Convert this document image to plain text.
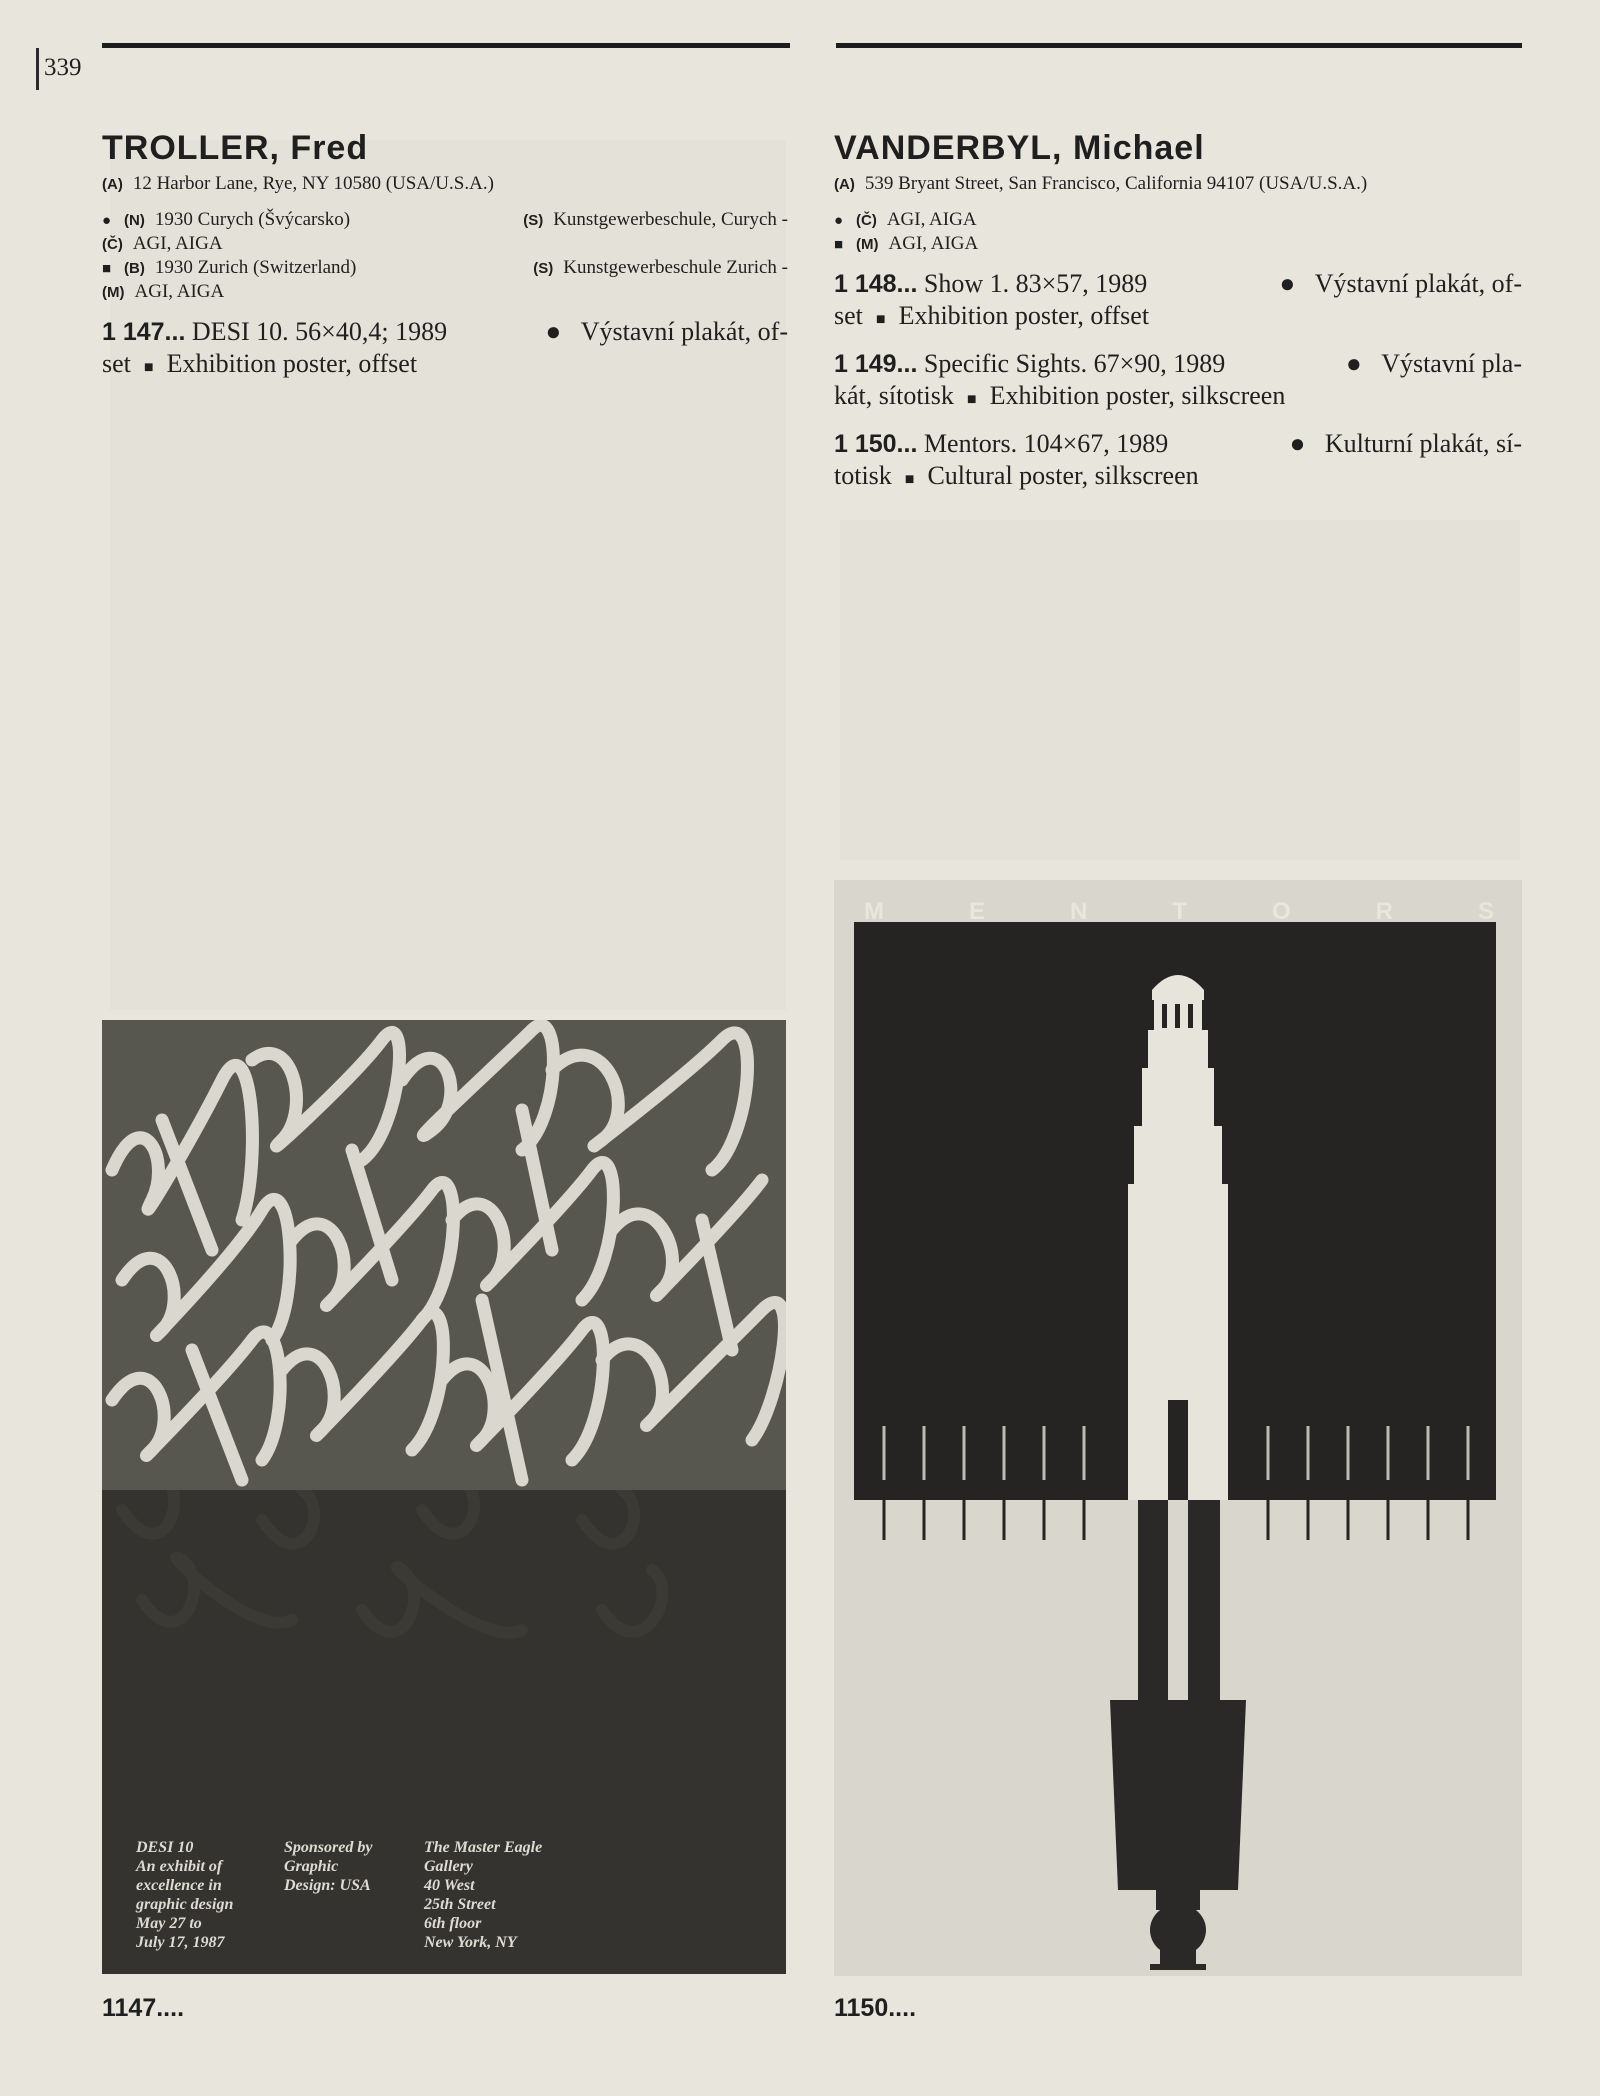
339
TROLLER, Fred
(A) 12 Harbor Lane, Rye, NY 10580 (USA/U.S.A.)
● (N) 1930 Curych (Švýcarsko)	(S) Kunstgewerbeschule, Curych -
(Č) AGI, AIGA
■ (B) 1930 Zurich (Switzerland)	(S) Kunstgewerbeschule Zurich -
(M) AGI, AIGA
1 147... DESI 10. 56×40,4; 1989	● Výstavní plakát, of-
set ■ Exhibition poster, offset
VANDERBYL, Michael
(A) 539 Bryant Street, San Francisco, California 94107 (USA/U.S.A.)
● (Č) AGI, AIGA
■ (M) AGI, AIGA
1 148... Show 1. 83×57, 1989	● Výstavní plakát, of-
set ■ Exhibition poster, offset
1 149... Specific Sights. 67×90, 1989	● Výstavní pla-
kát, sítotisk ■ Exhibition poster, silkscreen
1 150... Mentors. 104×67, 1989	● Kulturní plakát, sí-
totisk ■ Cultural poster, silkscreen
DESI 10
An exhibit of
excellence in
graphic design
May 27 to
July 17, 1987
Sponsored by
Graphic
Design: USA
The Master Eagle
Gallery
40 West
25th Street
6th floor
New York, NY
M	E	N	T	O	R	S
1147....	1150....
